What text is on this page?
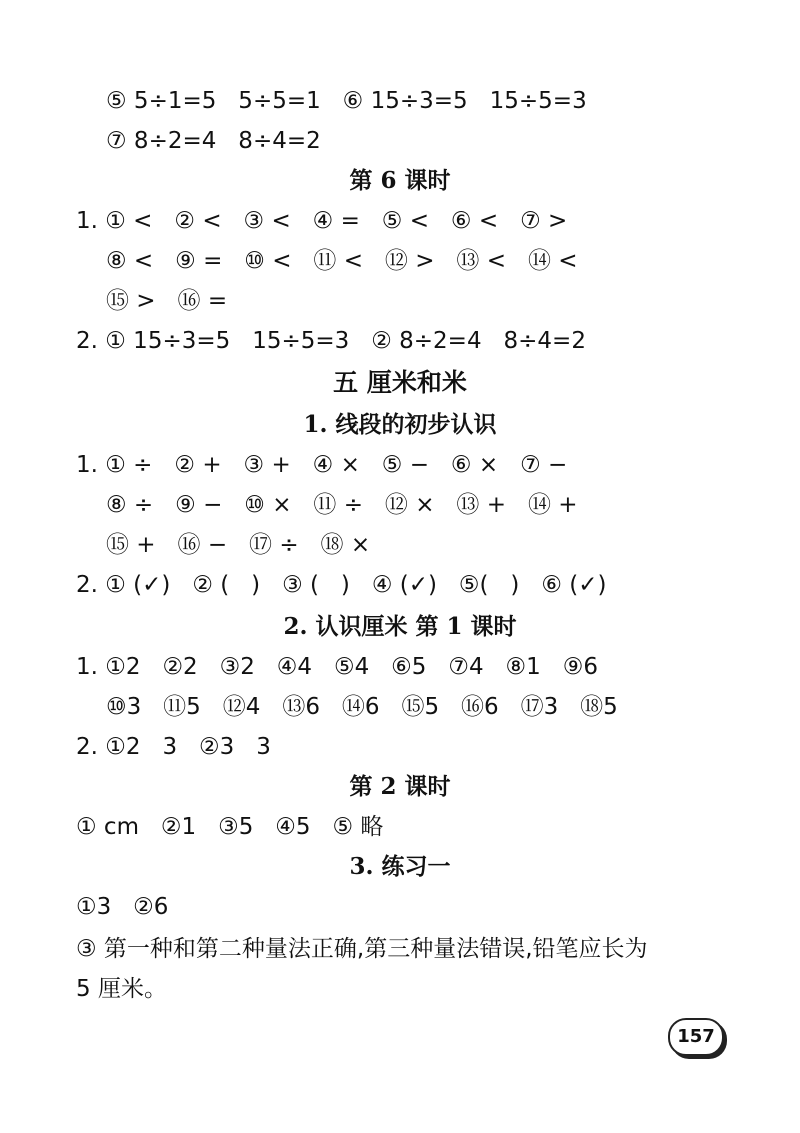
⑤ 5÷1=5   5÷5=1   ⑥ 15÷3=5   15÷5=3
⑦ 8÷2=4   8÷4=2
第 6 课时
1. ① <   ② <   ③ <   ④ =   ⑤ <   ⑥ <   ⑦ >
⑧ <   ⑨ =   ⑩ <   ⑪ <   ⑫ >   ⑬ <   ⑭ <
⑮ >   ⑯ =
2. ① 15÷3=5   15÷5=3   ② 8÷2=4   8÷4=2
五 厘米和米
1. 线段的初步认识
1. ① ÷   ② +   ③ +   ④ ×   ⑤ −   ⑥ ×   ⑦ −
⑧ ÷   ⑨ −   ⑩ ×   ⑪ ÷   ⑫ ×   ⑬ +   ⑭ +
⑮ +   ⑯ −   ⑰ ÷   ⑱ ×
2. ① (✓)   ② (   )   ③ (   )   ④ (✓)   ⑤(   )   ⑥ (✓)
2. 认识厘米 第 1 课时
1. ①2   ②2   ③2   ④4   ⑤4   ⑥5   ⑦4   ⑧1   ⑨6
⑩3   ⑪5   ⑫4   ⑬6   ⑭6   ⑮5   ⑯6   ⑰3   ⑱5
2. ①2   3   ②3   3
第 2 课时
① cm   ②1   ③5   ④5   ⑤ 略
3. 练习一
①3   ②6
③ 第一种和第二种量法正确,第三种量法错误,铅笔应长为
5 厘米。
157
